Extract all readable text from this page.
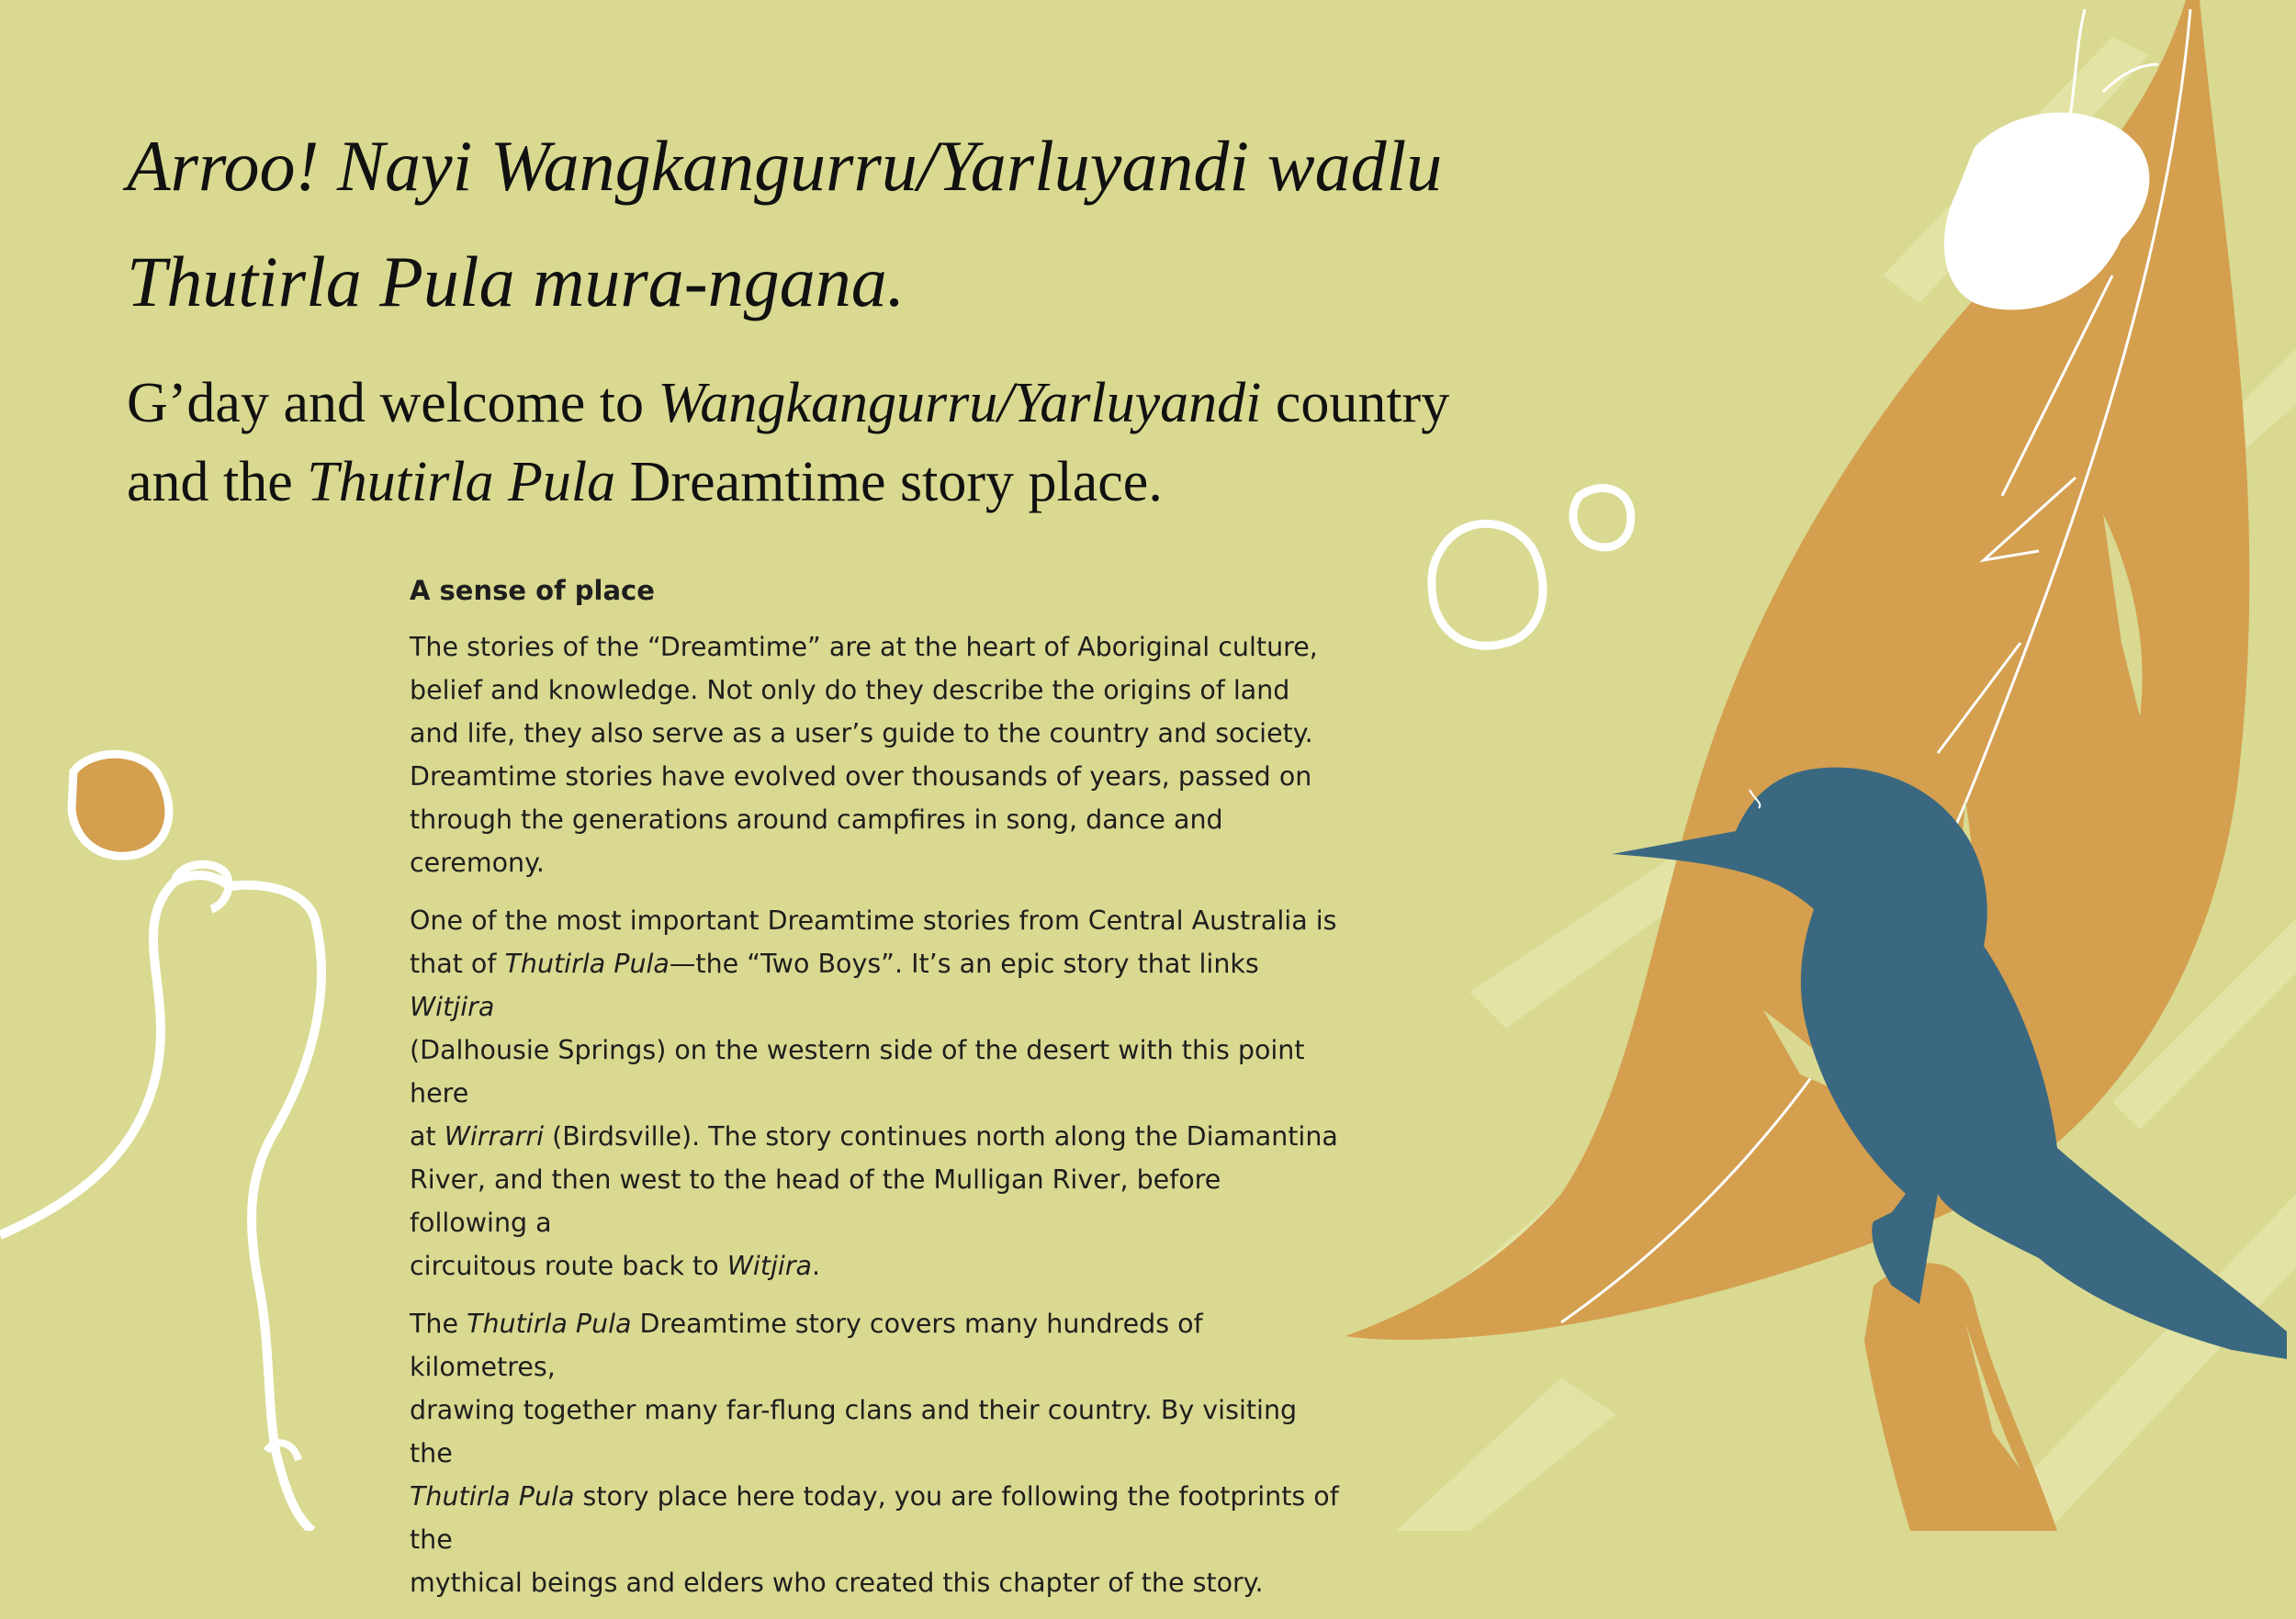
Arroo! Nayi Wangkangurru/Yarluyandi wadlu
Thutirla Pula mura-ngana.
G’day and welcome to Wangkangurru/Yarluyandi country
and the Thutirla Pula Dreamtime story place.
A sense of place

The stories of the “Dreamtime” are at the heart of Aboriginal culture,
belief and knowledge. Not only do they describe the origins of land
and life, they also serve as a user’s guide to the country and society.
Dreamtime stories have evolved over thousands of years, passed on
through the generations around campfires in song, dance and ceremony.

One of the most important Dreamtime stories from Central Australia is
that of Thutirla Pula—the “Two Boys”. It’s an epic story that links Witjira
(Dalhousie Springs) on the western side of the desert with this point here
at Wirrarri (Birdsville). The story continues north along the Diamantina
River, and then west to the head of the Mulligan River, before following a
circuitous route back to Witjira.

The Thutirla Pula Dreamtime story covers many hundreds of kilometres,
drawing together many far-flung clans and their country. By visiting the
Thutirla Pula story place here today, you are following the footprints of the
mythical beings and elders who created this chapter of the story.
